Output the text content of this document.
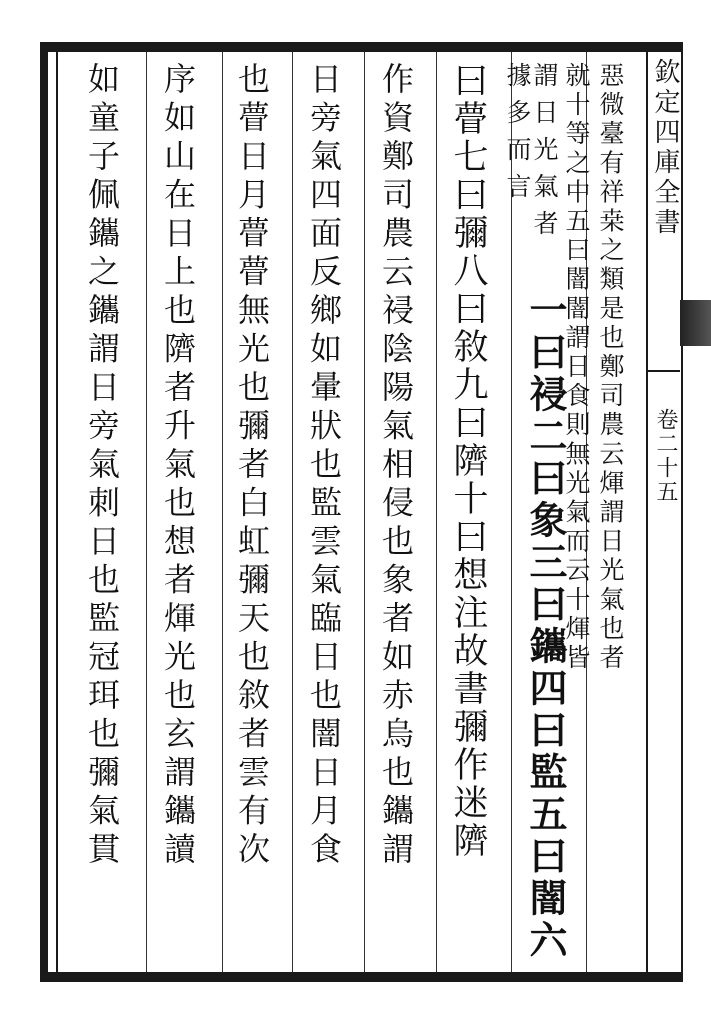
欽定四庫全書
卷二十五
惡微臺有祥桒之類是也鄭司農云煇謂日光氣也者
就十等之中五曰闇闇謂日食則無光氣而云十煇皆
謂日光氣者
據多而言
一曰祲二曰象三曰鑴四曰監五曰闇六
曰瞢七曰彌八曰敘九曰隮十曰想注故書彌作迷隮
作資鄭司農云祲陰陽氣相侵也象者如赤烏也鑴謂
日旁氣四面反鄉如暈狀也監雲氣臨日也闇日月食
也瞢日月瞢瞢無光也彌者白虹彌天也敘者雲有次
序如山在日上也隮者升氣也想者煇光也玄謂鑴讀
如童子佩鑴之鑴謂日旁氣刺日也監冠珥也彌氣貫
